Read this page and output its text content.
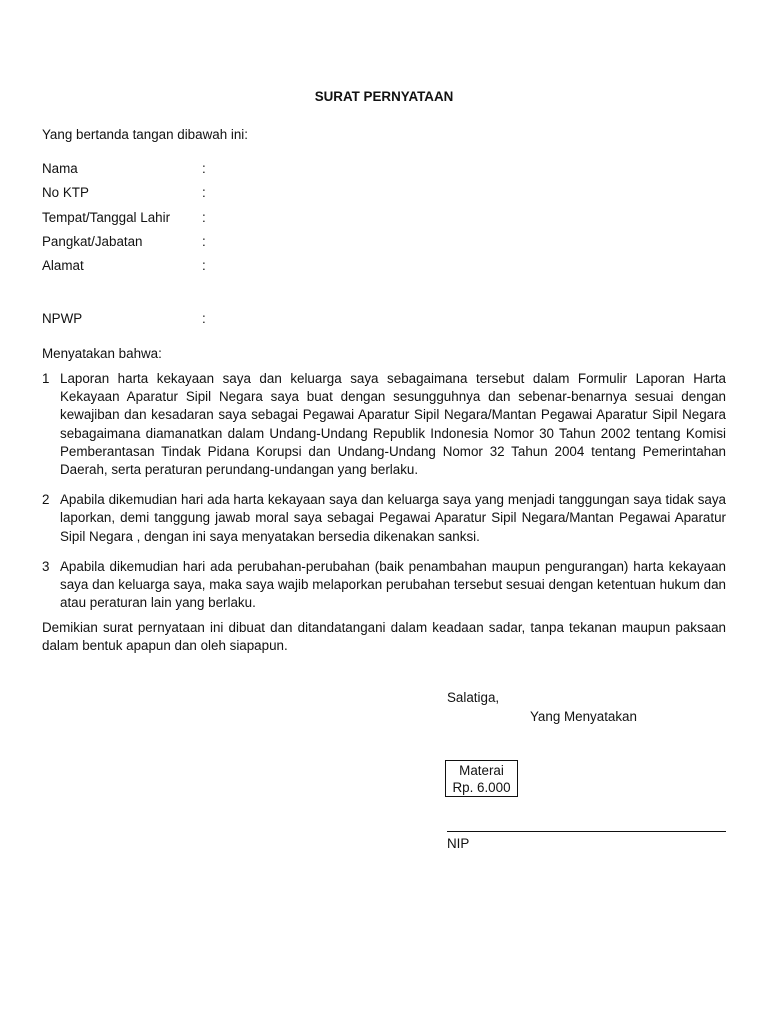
SURAT PERNYATAAN
Yang bertanda tangan dibawah ini:
Nama	:
No KTP	:
Tempat/Tanggal Lahir :
Pangkat/Jabatan	:
Alamat	:
NPWP	:
Menyatakan bahwa:
1 Laporan harta kekayaan saya dan keluarga saya sebagaimana tersebut dalam Formulir Laporan Harta Kekayaan Aparatur Sipil Negara saya buat dengan sesungguhnya dan sebenar-benarnya sesuai dengan kewajiban dan kesadaran saya sebagai Pegawai Aparatur Sipil Negara/Mantan Pegawai Aparatur Sipil Negara sebagaimana diamanatkan dalam Undang-Undang Republik Indonesia Nomor 30 Tahun 2002 tentang Komisi Pemberantasan Tindak Pidana Korupsi dan Undang-Undang Nomor 32 Tahun 2004 tentang Pemerintahan Daerah, serta peraturan perundang-undangan yang berlaku.
2 Apabila dikemudian hari ada harta kekayaan saya dan keluarga saya yang menjadi tanggungan saya tidak saya laporkan, demi tanggung jawab moral saya sebagai Pegawai Aparatur Sipil Negara/Mantan Pegawai Aparatur Sipil Negara , dengan ini saya menyatakan bersedia dikenakan sanksi.
3 Apabila dikemudian hari ada perubahan-perubahan (baik penambahan maupun pengurangan) harta kekayaan saya dan keluarga saya, maka saya wajib melaporkan perubahan tersebut sesuai dengan ketentuan hukum dan atau peraturan lain yang berlaku.
Demikian surat pernyataan ini dibuat dan ditandatangani dalam keadaan sadar, tanpa tekanan maupun paksaan dalam bentuk apapun dan oleh siapapun.
Salatiga,
Yang Menyatakan
Materai
Rp. 6.000
NIP
